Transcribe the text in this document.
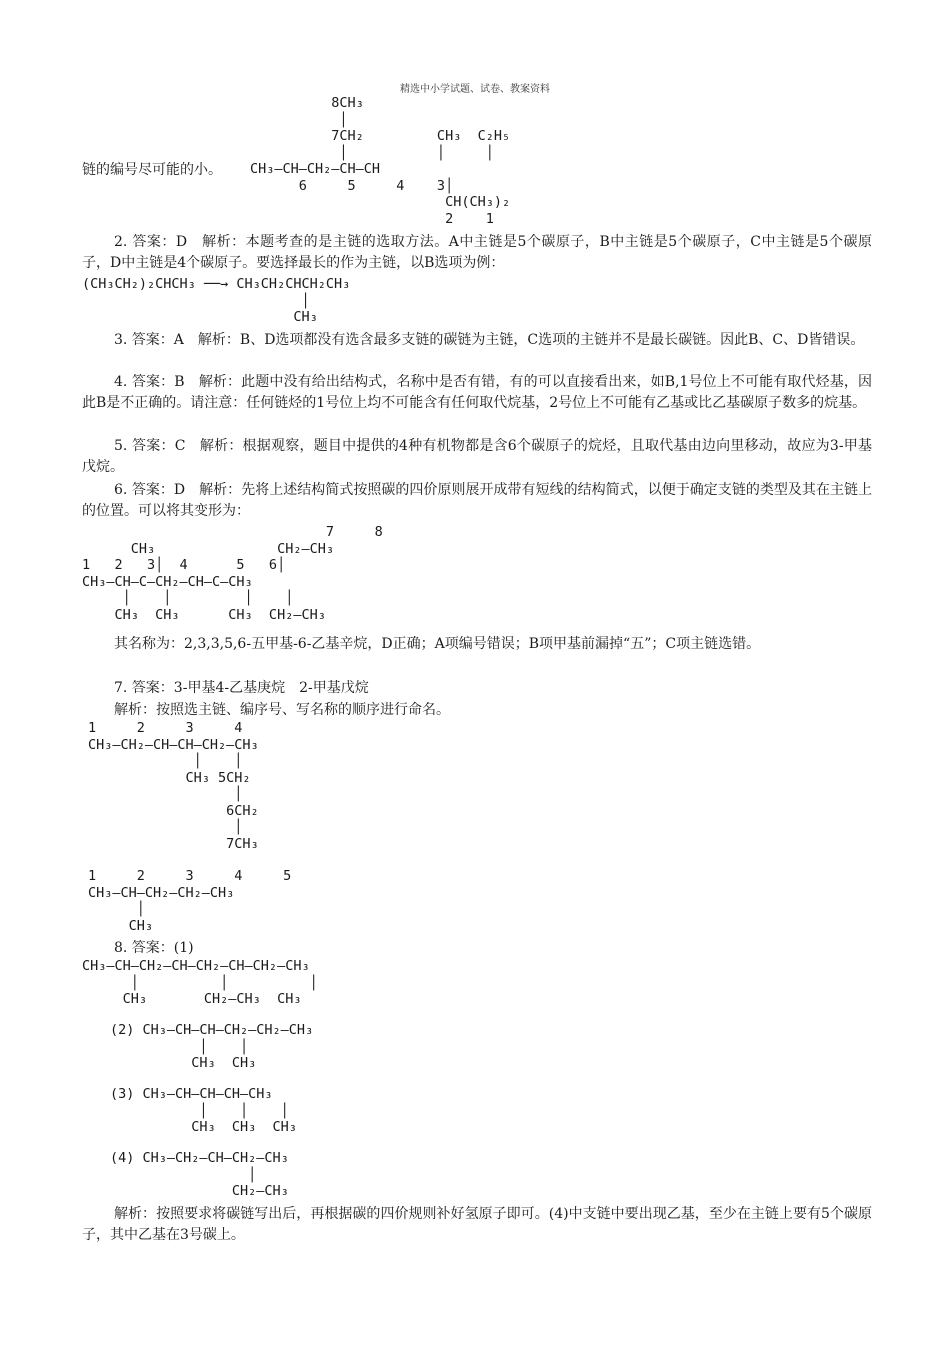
精选中小学试题、试卷、教案资料
8CH₃
│
7CH₂         CH₃  C₂H₅
│           │     │
CH₃—CH—CH₂—CH—CH
6     5     4    3│
CH(CH₃)₂
2    1
链的编号尽可能的小。

2. 答案：D　解析：本题考查的是主链的选取方法。A中主链是5个碳原子，B中主链是5个碳原子，C中主链是5个碳原子，D中主链是4个碳原子。要选择最长的作为主链，以B选项为例：

(CH₃CH₂)₂CHCH₃ ──→ CH₃CH₂CHCH₂CH₃
│
CH₃

3. 答案：A　解析：B、D选项都没有选含最多支链的碳链为主链，C选项的主链并不是最长碳链。因此B、C、D皆错误。

4. 答案：B　解析：此题中没有给出结构式，名称中是否有错，有的可以直接看出来，如B,1号位上不可能有取代烃基，因此B是不正确的。请注意：任何链烃的1号位上均不可能含有任何取代烷基，2号位上不可能有乙基或比乙基碳原子数多的烷基。

5. 答案：C　解析：根据观察，题目中提供的4种有机物都是含6个碳原子的烷烃，且取代基由边向里移动，故应为3-甲基戊烷。

6. 答案：D　解析：先将上述结构简式按照碳的四价原则展开成带有短线的结构简式，以便于确定支链的类型及其在主链上的位置。可以将其变形为：

7     8
CH₃               CH₂—CH₃
1   2   3│  4      5   6│
CH₃—CH—C—CH₂—CH—C—CH₃
│    │         │    │
CH₃  CH₃      CH₃  CH₂—CH₃

其名称为：2,3,3,5,6-五甲基-6-乙基辛烷，D正确；A项编号错误；B项甲基前漏掉“五”；C项主链选错。

7. 答案：3-甲基4-乙基庚烷　2-甲基戊烷
解析：按照选主链、编序号、写名称的顺序进行命名。
1     2     3     4
CH₃—CH₂—CH—CH—CH₂—CH₃
│    │
CH₃ 5CH₂
│
6CH₂
│
7CH₃
1     2     3     4     5
CH₃—CH—CH₂—CH₂—CH₃
│
CH₃
8. 答案：(1)
CH₃—CH—CH₂—CH—CH₂—CH—CH₂—CH₃
│          │          │
CH₃       CH₂—CH₃  CH₃
(2) CH₃—CH—CH—CH₂—CH₂—CH₃
│    │
CH₃  CH₃
(3) CH₃—CH—CH—CH—CH₃
│    │    │
CH₃  CH₃  CH₃
(4) CH₃—CH₂—CH—CH₂—CH₃
│
CH₂—CH₃

解析：按照要求将碳链写出后，再根据碳的四价规则补好氢原子即可。(4)中支链中要出现乙基，至少在主链上要有5个碳原子，其中乙基在3号碳上。
